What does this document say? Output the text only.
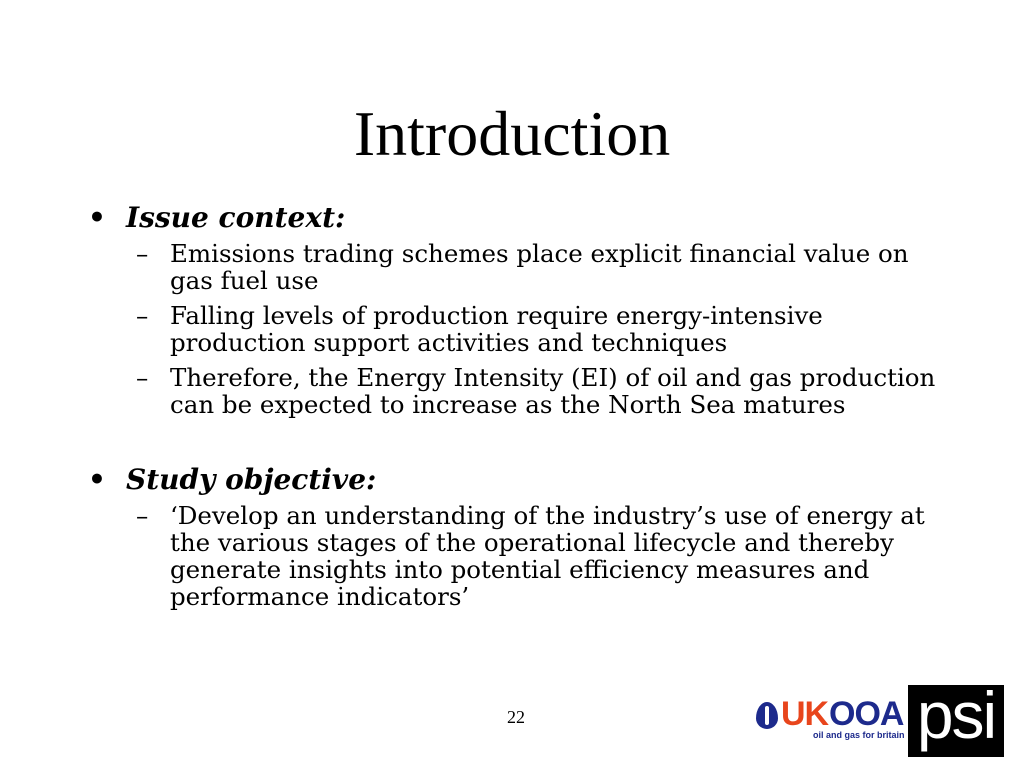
Introduction
• Issue context:
– Emissions trading schemes place explicit financial value on gas fuel use
– Falling levels of production require energy-intensive production support activities and techniques
– Therefore, the Energy Intensity (EI) of oil and gas production can be expected to increase as the North Sea matures
• Study objective:
– ‘Develop an understanding of the industry’s use of energy at the various stages of the operational lifecycle and thereby generate insights into potential efficiency measures and performance indicators’
22	UK OOA
oil and gas for britain psi
